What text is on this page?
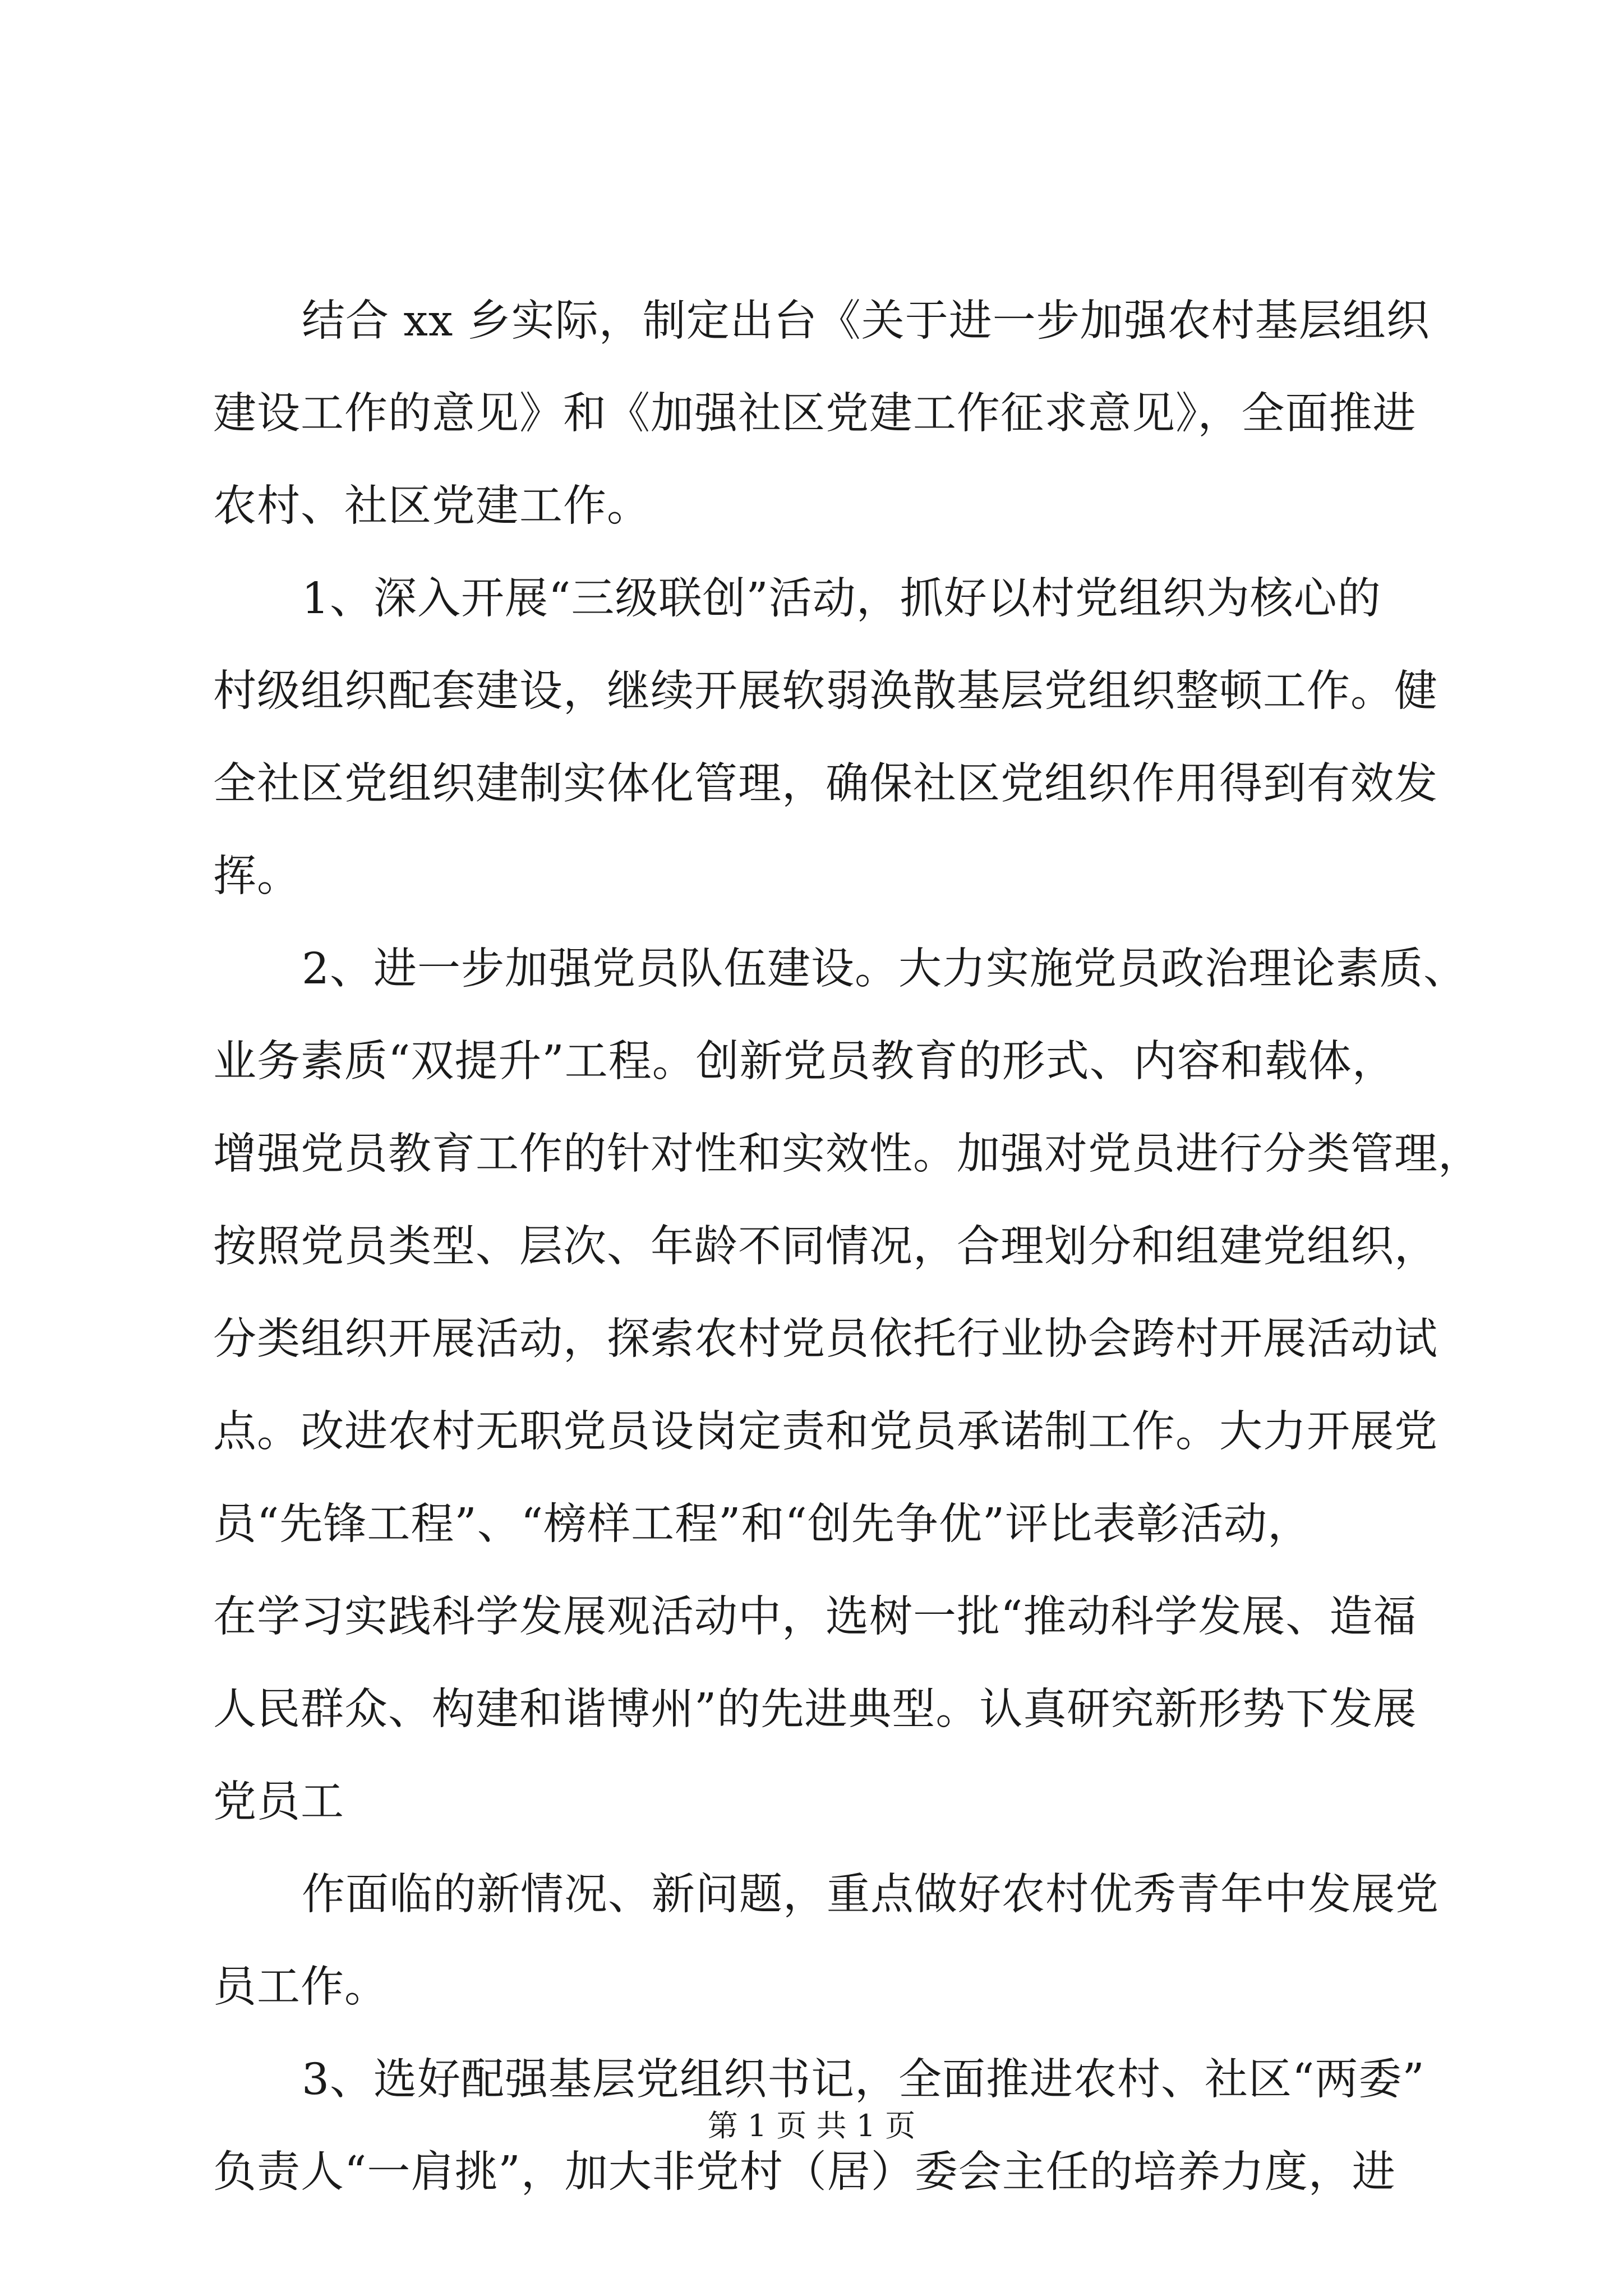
结合 xx 乡实际，制定出台《关于进一步加强农村基层组织
建设工作的意见》和《加强社区党建工作征求意见》，全面推进
农村、社区党建工作。
1、深入开展“三级联创”活动，抓好以村党组织为核心的
村级组织配套建设，继续开展软弱涣散基层党组织整顿工作。健
全社区党组织建制实体化管理，确保社区党组织作用得到有效发
挥。
2、进一步加强党员队伍建设。大力实施党员政治理论素质、
业务素质“双提升”工程。创新党员教育的形式、内容和载体，
增强党员教育工作的针对性和实效性。加强对党员进行分类管理，
按照党员类型、层次、年龄不同情况，合理划分和组建党组织，
分类组织开展活动，探索农村党员依托行业协会跨村开展活动试
点。改进农村无职党员设岗定责和党员承诺制工作。大力开展党
员“先锋工程”、“榜样工程”和“创先争优”评比表彰活动，
在学习实践科学发展观活动中，选树一批“推动科学发展、造福
人民群众、构建和谐博州”的先进典型。认真研究新形势下发展
党员工
作面临的新情况、新问题，重点做好农村优秀青年中发展党
员工作。
3、选好配强基层党组织书记，全面推进农村、社区“两委”
负责人“一肩挑”，加大非党村（居）委会主任的培养力度，进
第 1 页 共 1 页
